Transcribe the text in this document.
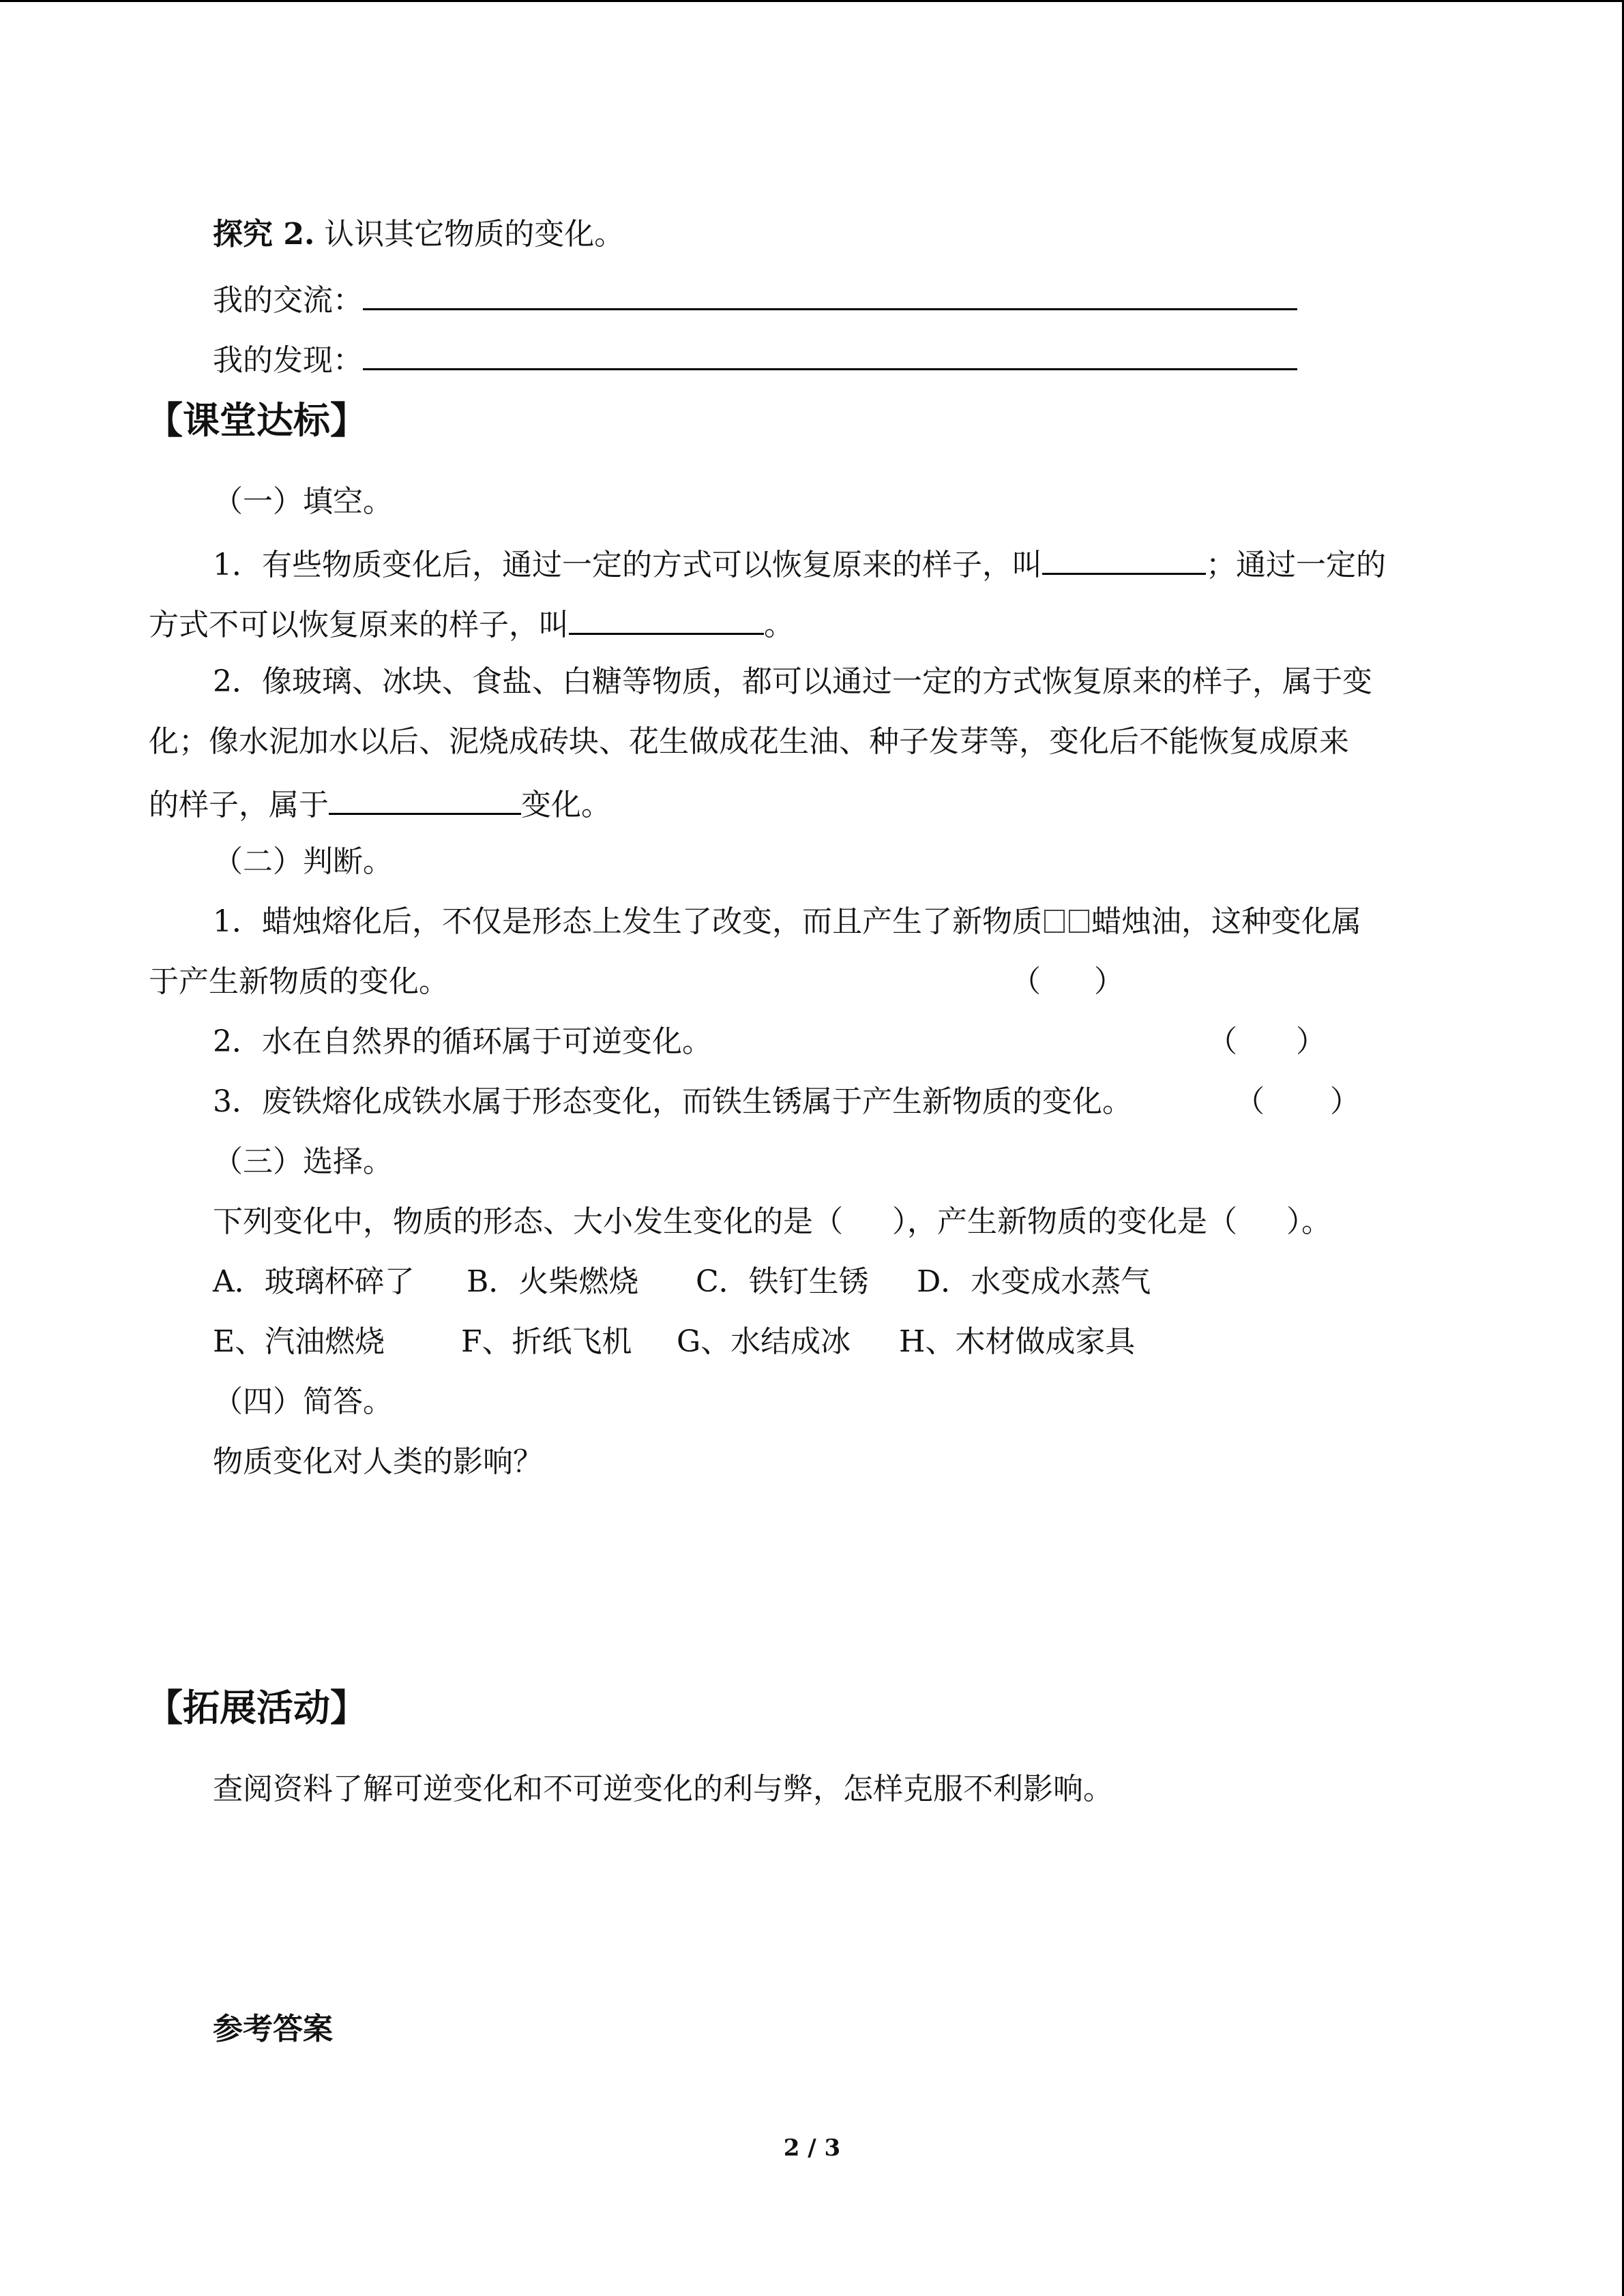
探究 2. 认识其它物质的变化。
我的交流：
我的发现：
【课堂达标】
（一）填空。
1．有些物质变化后，通过一定的方式可以恢复原来的样子，叫	；通过一定的
方式不可以恢复原来的样子，叫	。
2．像玻璃、冰块、食盐、白糖等物质，都可以通过一定的方式恢复原来的样子，属于变
化；像水泥加水以后、泥烧成砖块、花生做成花生油、种子发芽等，变化后不能恢复成原来
的样子，属于	变化。
（二）判断。
1．蜡烛熔化后，不仅是形态上发生了改变，而且产生了新物质 蜡烛油，这种变化属
于产生新物质的变化。	（ ）
2．水在自然界的循环属于可逆变化。	（ ）
3．废铁熔化成铁水属于形态变化，而铁生锈属于产生新物质的变化。	（ ）
（三）选择。
下列变化中，物质的形态、大小发生变化的是（ ），产生新物质的变化是（ ）。
A．玻璃杯碎了 B．火柴燃烧 C．铁钉生锈 D．水变成水蒸气
E、汽油燃烧	F、折纸飞机 G、水结成冰 H、木材做成家具
（四）简答。
物质变化对人类的影响？
【拓展活动】
查阅资料了解可逆变化和不可逆变化的利与弊，怎样克服不利影响。
参考答案
2 / 3
